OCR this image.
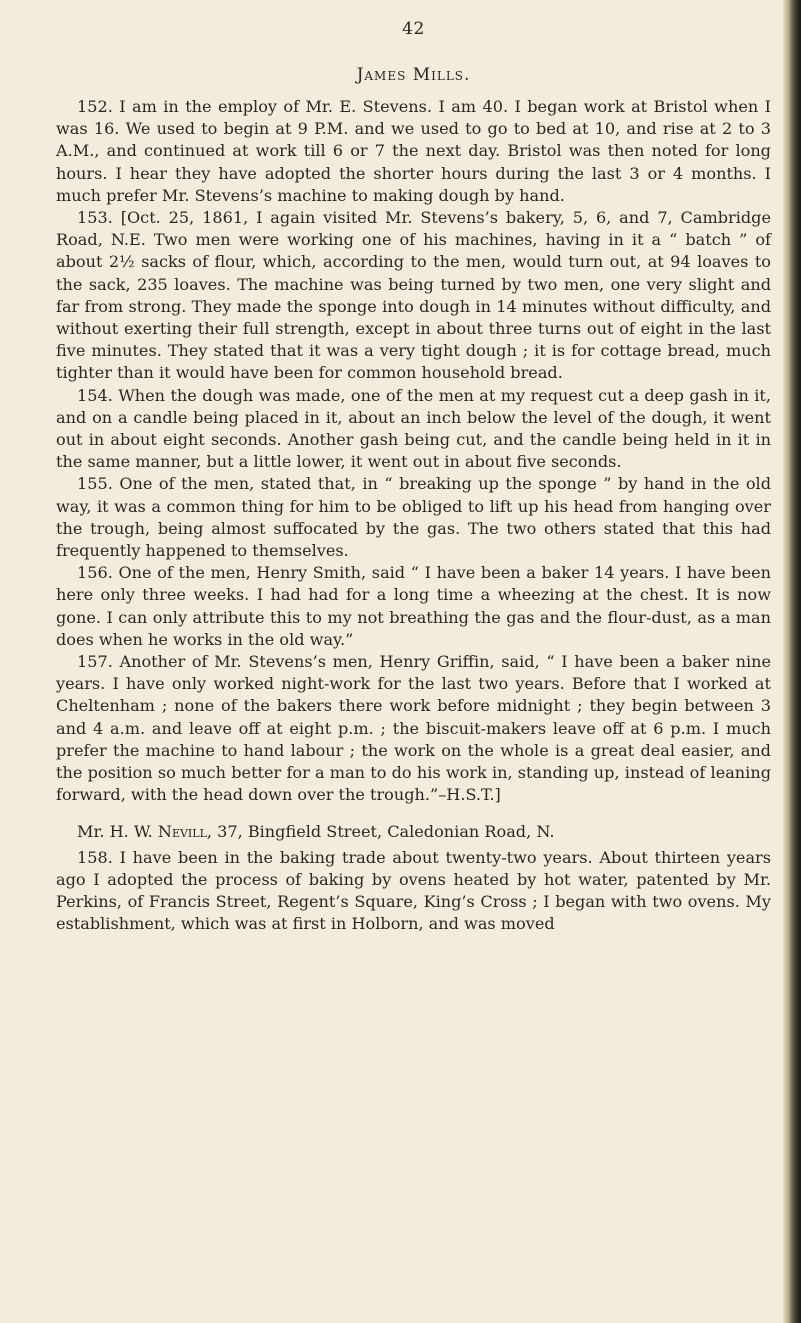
42
James Mills.

152. I am in the employ of Mr. E. Stevens. I am 40. I began work at Bristol when I was 16. We used to begin at 9 P.M. and we used to go to bed at 10, and rise at 2 to 3 A.M., and continued at work till 6 or 7 the next day. Bristol was then noted for long hours. I hear they have adopted the shorter hours during the last 3 or 4 months. I much prefer Mr. Stevens’s machine to making dough by hand.

153. [Oct. 25, 1861, I again visited Mr. Stevens’s bakery, 5, 6, and 7, Cambridge Road, N.E. Two men were working one of his machines, having in it a “ batch ” of about 2½ sacks of flour, which, according to the men, would turn out, at 94 loaves to the sack, 235 loaves. The machine was being turned by two men, one very slight and far from strong. They made the sponge into dough in 14 minutes without difficulty, and without exerting their full strength, except in about three turns out of eight in the last five minutes. They stated that it was a very tight dough ; it is for cottage bread, much tighter than it would have been for common household bread.

154. When the dough was made, one of the men at my request cut a deep gash in it, and on a candle being placed in it, about an inch below the level of the dough, it went out in about eight seconds. Another gash being cut, and the candle being held in it in the same manner, but a little lower, it went out in about five seconds.

155. One of the men, stated that, in “ breaking up the sponge ” by hand in the old way, it was a common thing for him to be obliged to lift up his head from hanging over the trough, being almost suffocated by the gas. The two others stated that this had frequently happened to themselves.

156. One of the men, Henry Smith, said “ I have been a baker 14 years. I have been here only three weeks. I had had for a long time a wheezing at the chest. It is now gone. I can only attribute this to my not breathing the gas and the flour-dust, as a man does when he works in the old way.”

157. Another of Mr. Stevens’s men, Henry Griffin, said, “ I have been a baker nine years. I have only worked night-work for the last two years. Before that I worked at Cheltenham ; none of the bakers there work before midnight ; they begin between 3 and 4 a.m. and leave off at eight p.m. ; the biscuit-makers leave off at 6 p.m. I much prefer the machine to hand labour ; the work on the whole is a great deal easier, and the position so much better for a man to do his work in, standing up, instead of leaning forward, with the head down over the trough.”–H.S.T.]

Mr. H. W. Nevill, 37, Bingfield Street, Caledonian Road, N.

158. I have been in the baking trade about twenty-two years. About thirteen years ago I adopted the process of baking by ovens heated by hot water, patented by Mr. Perkins, of Francis Street, Regent’s Square, King’s Cross ; I began with two ovens. My establishment, which was at first in Holborn, and was moved
